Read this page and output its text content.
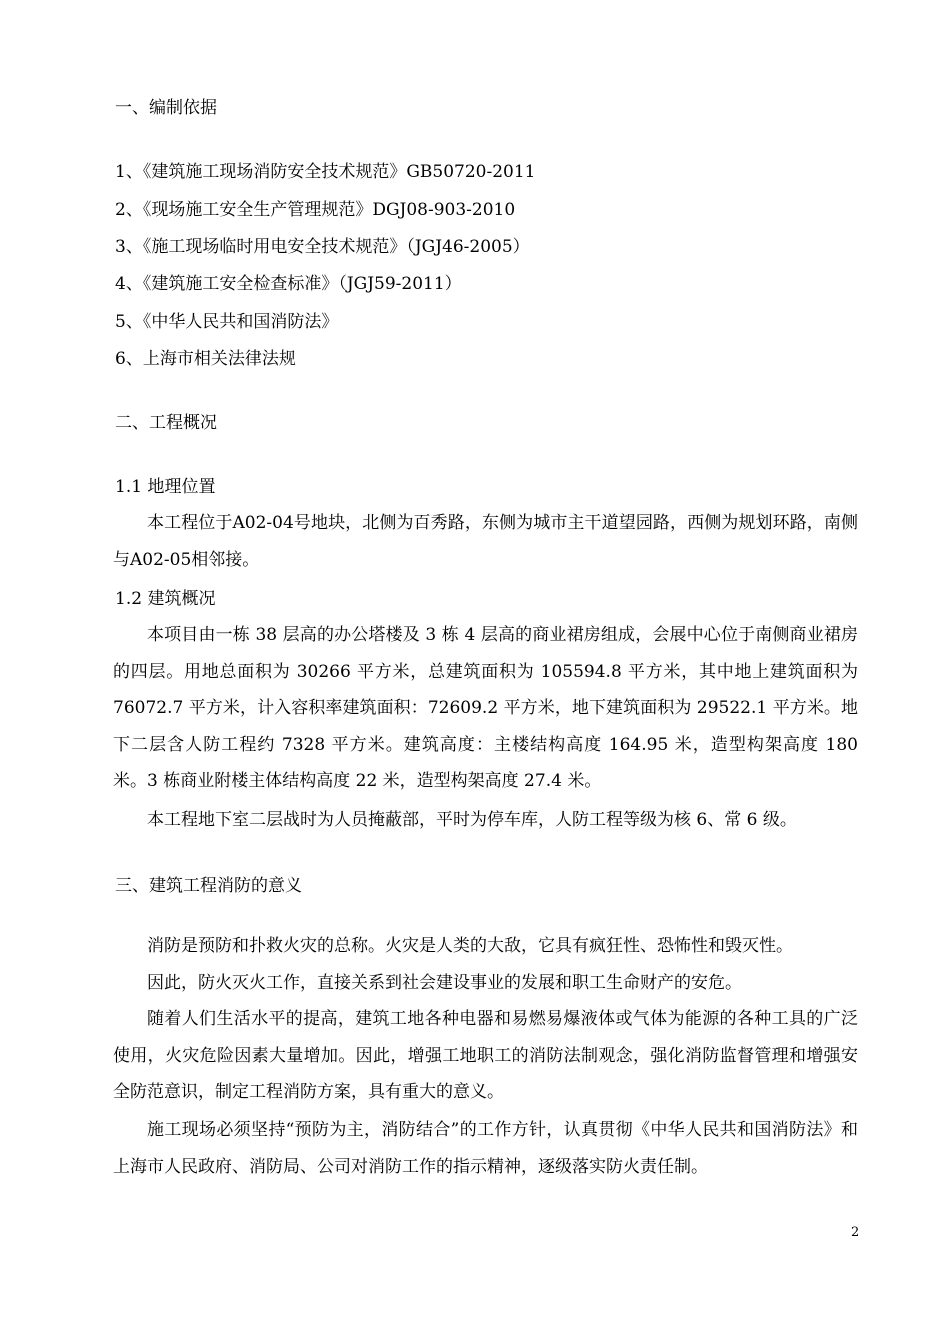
一、编制依据
1、《建筑施工现场消防安全技术规范》GB50720-2011
2、《现场施工安全生产管理规范》DGJ08-903-2010
3、《施工现场临时用电安全技术规范》（JGJ46-2005）
4、《建筑施工安全检查标准》（JGJ59-2011）
5、《中华人民共和国消防法》
6、上海市相关法律法规
二、工程概况
1.1 地理位置

本工程位于A02-04号地块，北侧为百秀路，东侧为城市主干道望园路，西侧为规划环路，南侧与A02-05相邻接。

1.2 建筑概况

本项目由一栋 38 层高的办公塔楼及 3 栋 4 层高的商业裙房组成，会展中心位于南侧商业裙房的四层。用地总面积为 30266 平方米，总建筑面积为 105594.8 平方米，其中地上建筑面积为 76072.7 平方米，计入容积率建筑面积：72609.2 平方米，地下建筑面积为 29522.1 平方米。地下二层含人防工程约 7328 平方米。建筑高度：主楼结构高度 164.95 米，造型构架高度 180 米。3 栋商业附楼主体结构高度 22 米，造型构架高度 27.4 米。

本工程地下室二层战时为人员掩蔽部，平时为停车库，人防工程等级为核 6、常 6 级。

三、建筑工程消防的意义

消防是预防和扑救火灾的总称。火灾是人类的大敌，它具有疯狂性、恐怖性和毁灭性。

因此，防火灭火工作，直接关系到社会建设事业的发展和职工生命财产的安危。

随着人们生活水平的提高，建筑工地各种电器和易燃易爆液体或气体为能源的各种工具的广泛使用，火灾危险因素大量增加。因此，增强工地职工的消防法制观念，强化消防监督管理和增强安全防范意识，制定工程消防方案，具有重大的意义。

施工现场必须坚持“预防为主，消防结合”的工作方针，认真贯彻《中华人民共和国消防法》和上海市人民政府、消防局、公司对消防工作的指示精神，逐级落实防火责任制。

2
